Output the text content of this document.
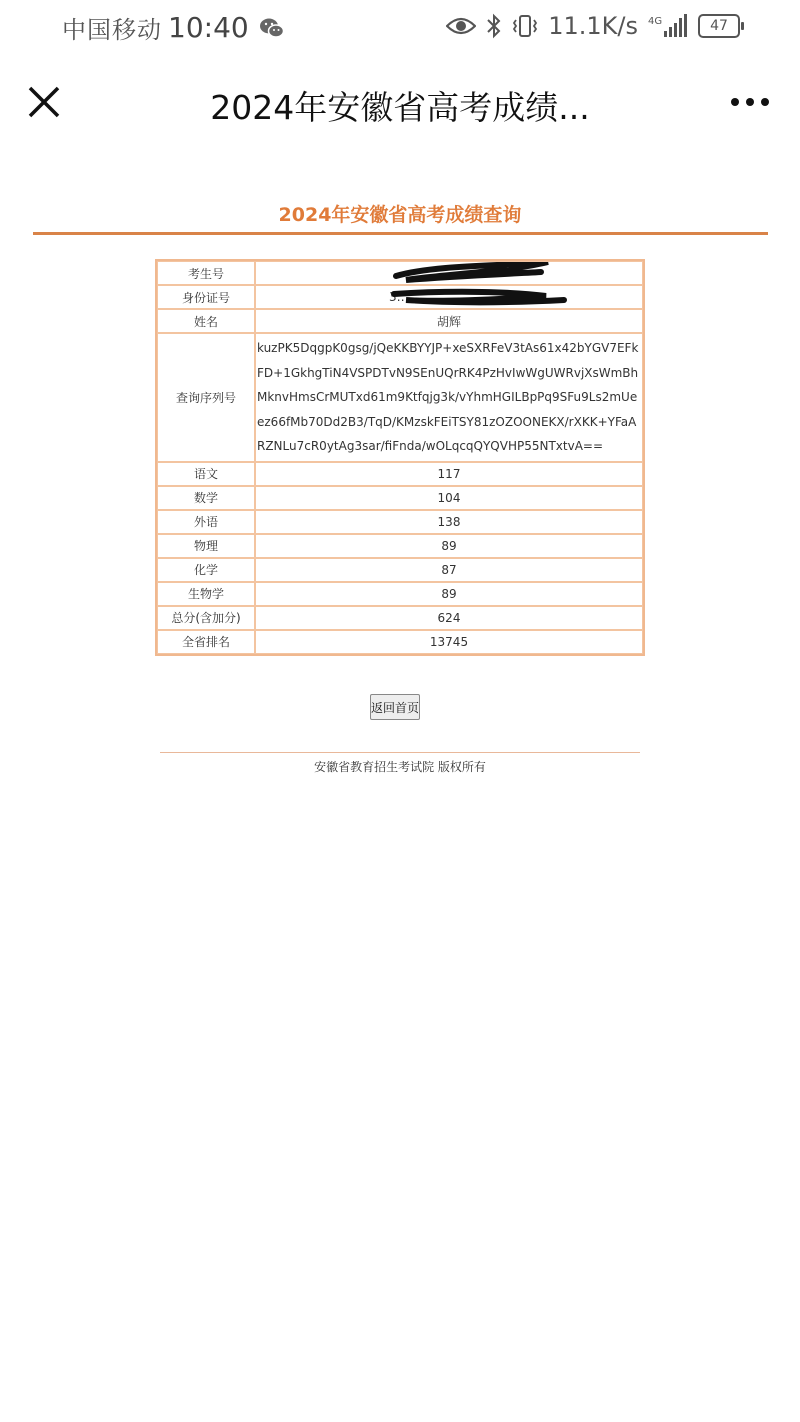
中国移动 10:40	11.1K/s 4G	47
2024年安徽省高考成绩...
2024年安徽省高考成绩查询
考生号	…092

身份证号	3…

姓名	胡辉
查询序列号	kuzPK5DqgpK0gsg/jQeKKBYYJP+xeSXRFeV3tAs61x42bYGV7EFkFD+1GkhgTiN4VSPDTvN9SEnUQrRK4PzHvIwWgUWRvjXsWmBhMknvHmsCrMUTxd61m9Ktfqjg3k/vYhmHGILBpPq9SFu9Ls2mUeez66fMb70Dd2B3/TqD/KMzskFEiTSY81zOZOONEKX/rXKK+YFaARZNLu7cR0ytAg3sar/fiFnda/wOLqcqQYQVHP55NTxtvA==
语文	117
数学	104
外语	138
物理	89
化学	87
生物学	89
总分(含加分)	624
全省排名	13745
返回首页
安徽省教育招生考试院 版权所有
